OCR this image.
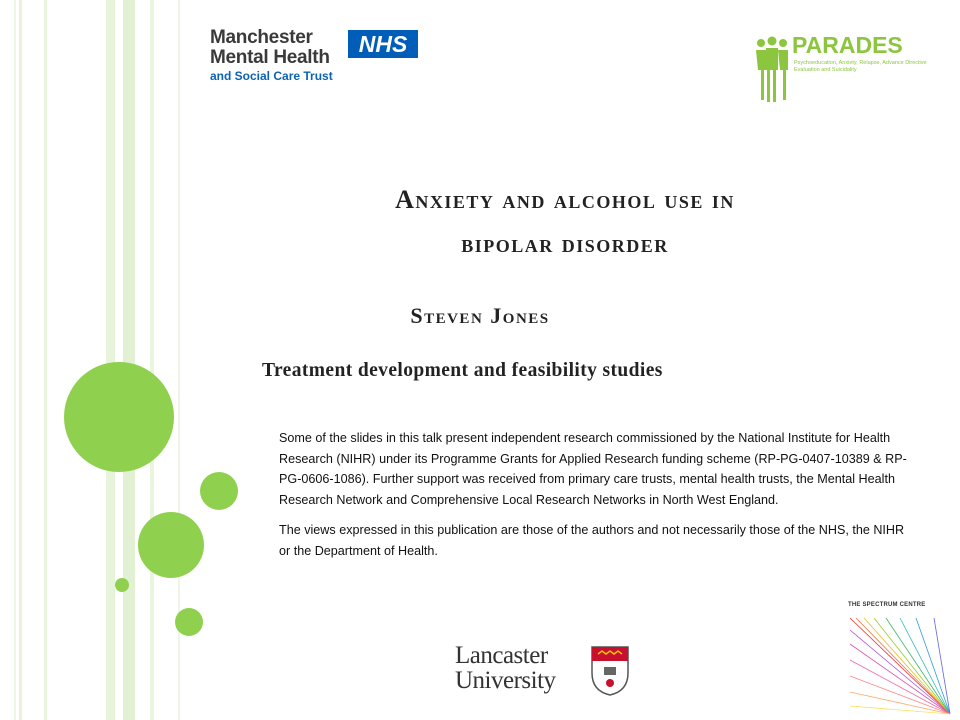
Manchester
Mental Health
and Social Care Trust
NHS	PARADES
Psychoeducation, Anxiety, Relapse, Advance Directive Evaluation and Suicidality
Anxiety and alcohol use in
bipolar disorder
Steven Jones
Treatment development and feasibility studies

Some of the slides in this talk present independent research commissioned by the National Institute for Health Research (NIHR) under its Programme Grants for Applied Research funding scheme (RP-PG-0407-10389 & RP-PG-0606-1086). Further support was received from primary care trusts, mental health trusts, the Mental Health Research Network and Comprehensive Local Research Networks in North West England.

The views expressed in this publication are those of the authors and not necessarily those of the NHS, the NIHR or the Department of Health.

Lancaster
University
THE SPECTRUM CENTRE
